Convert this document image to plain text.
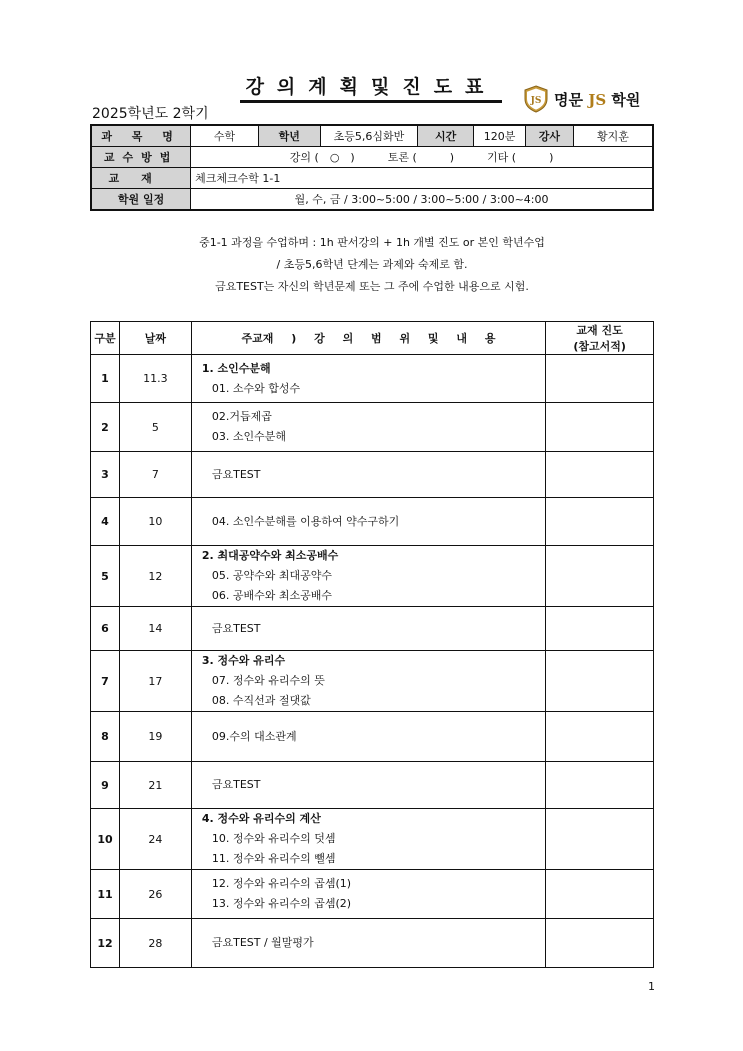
강의계획및진도표
2025학년도 2학기
JS 명문 JS 학원
과 목 명	수학	학년	초등5,6심화반	시간	120분	강사	황지훈
교수방법	강의 (　○　)　　　토론 (　　　)　　　기타 (　　　)						
교재	체크체크수학 1-1						
학원 일정	월, 수, 금 / 3:00~5:00 / 3:00~5:00 / 3:00~4:00						
중1-1 과정을 수업하며 : 1h 판서강의 + 1h 개별 진도 or 본인 학년수업
/ 초등5,6학년 단계는 과제와 숙제로 함.
금요TEST는 자신의 학년문제 또는 그 주에 수업한 내용으로 시험.
구분	날짜	주교재 ) 강 의 범 위 및 내 용	교재 진도
(참고서적)

1	11.3	1. 소인수분해
01. 소수와 합성수	

2	5	02.거듭제곱
03. 소인수분해	

3	7	금요TEST	

4	10	04. 소인수분해를 이용하여 약수구하기	

5	12	2. 최대공약수와 최소공배수
05. 공약수와 최대공약수
06. 공배수와 최소공배수	

6	14	금요TEST	

7	17	3. 정수와 유리수
07. 정수와 유리수의 뜻
08. 수직선과 절댓값	

8	19	09.수의 대소관계	

9	21	금요TEST	

10	24	4. 정수와 유리수의 계산
10. 정수와 유리수의 덧셈
11. 정수와 유리수의 뺄셈	

11	26	12. 정수와 유리수의 곱셈(1)
13. 정수와 유리수의 곱셈(2)	

12	28	금요TEST / 월말평가	

1
